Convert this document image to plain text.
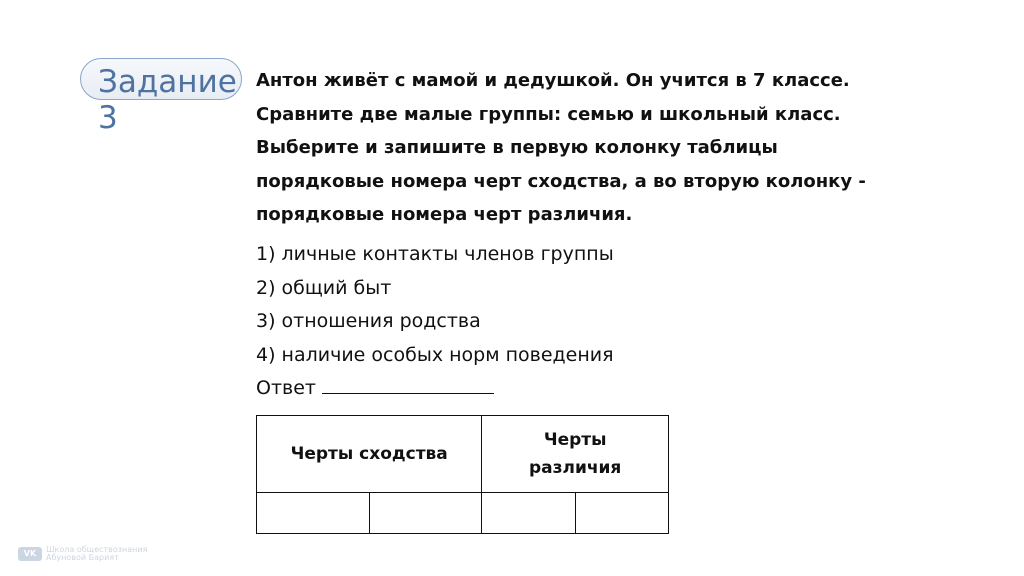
Задание 3

Антон живёт с мамой и дедушкой. Он учится в 7 классе.

Сравните две малые группы: семью и школьный класс.

Выберите и запишите в первую колонку таблицы

порядковые номера черт сходства, а во вторую колонку -

порядковые номера черт различия.

1) личные контакты членов группы
2) общий быт
3) отношения родства
4) наличие особых норм поведения
Ответ
Черты сходства		Черты различия	

VK	Школа обществознания
Абуновой Барият
